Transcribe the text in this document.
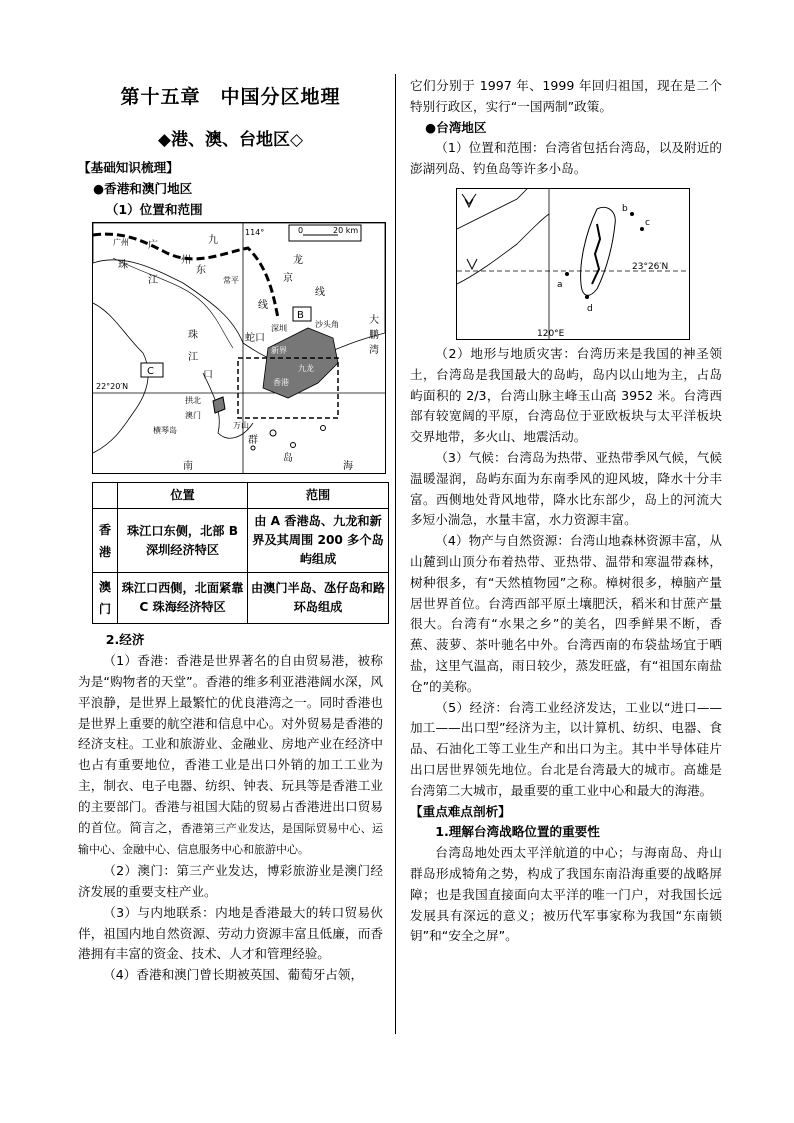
第十五章　中国分区地理
◆港、澳、台地区◇

【基础知识梳理】

●香港和澳门地区

（1）位置和范围

广
州
九
东
龙
广州
珠
江	常平	京
线
114°	0	20 km
B
蛇口
深圳	沙头角	大
鹏
湾
珠
江
口
C
22°20′N
新界
九龙
香港
拱北
澳门
横琴岛
万山
群
岛
南	海
线
	位置	范围
香港	珠江口东侧，北部 B 深圳经济特区	由 A 香港岛、九龙和新界及其周围 200 多个岛屿组成
澳门	珠江口西侧，北面紧靠 C 珠海经济特区	由澳门半岛、氹仔岛和路环岛组成

2.经济

（1）香港：香港是世界著名的自由贸易港，被称为是“购物者的天堂”。香港的维多利亚港港阔水深，风平浪静，是世界上最繁忙的优良港湾之一。同时香港也是世界上重要的航空港和信息中心。对外贸易是香港的经济支柱。工业和旅游业、金融业、房地产业在经济中也占有重要地位，香港工业是出口外销的加工工业为主，制衣、电子电器、纺织、钟表、玩具等是香港工业的主要部门。香港与祖国大陆的贸易占香港进出口贸易的首位。简言之，香港第三产业发达，是国际贸易中心、运输中心、金融中心、信息服务中心和旅游中心。

（2）澳门：第三产业发达，博彩旅游业是澳门经济发展的重要支柱产业。

（3）与内地联系：内地是香港最大的转口贸易伙伴，祖国内地自然资源、劳动力资源丰富且低廉，而香港拥有丰富的资金、技术、人才和管理经验。

（4）香港和澳门曾长期被英国、葡萄牙占领，

它们分别于 1997 年、1999 年回归祖国，现在是二个特别行政区，实行“一国两制”政策。

●台湾地区

（1）位置和范围：台湾省包括台湾岛，以及附近的澎湖列岛、钓鱼岛等许多小岛。

b
c
a
d
23°26′N
120°E

（2）地形与地质灾害：台湾历来是我国的神圣领土，台湾岛是我国最大的岛屿，岛内以山地为主，占岛屿面积的 2/3，台湾山脉主峰玉山高 3952 米。台湾西部有较宽阔的平原，台湾岛位于亚欧板块与太平洋板块交界地带，多火山、地震活动。

（3）气候：台湾岛为热带、亚热带季风气候，气候温暖湿润，岛屿东面为东南季风的迎风坡，降水十分丰富。西侧地处背风地带，降水比东部少，岛上的河流大多短小湍急，水量丰富，水力资源丰富。

（4）物产与自然资源：台湾山地森林资源丰富，从山麓到山顶分布着热带、亚热带、温带和寒温带森林，树种很多，有“天然植物园”之称。樟树很多，樟脑产量居世界首位。台湾西部平原土壤肥沃，稻米和甘蔗产量很大。台湾有“水果之乡”的美名，四季鲜果不断，香蕉、菠萝、茶叶驰名中外。台湾西南的布袋盐场宜于晒盐，这里气温高，雨日较少，蒸发旺盛，有“祖国东南盐仓”的美称。

（5）经济：台湾工业经济发达，工业以“进口——加工——出口型”经济为主，以计算机、纺织、电器、食品、石油化工等工业生产和出口为主。其中半导体硅片出口居世界领先地位。台北是台湾最大的城市。高雄是台湾第二大城市，最重要的重工业中心和最大的海港。

【重点难点剖析】

1.理解台湾战略位置的重要性

台湾岛地处西太平洋航道的中心；与海南岛、舟山群岛形成犄角之势，构成了我国东南沿海重要的战略屏障；也是我国直接面向太平洋的唯一门户，对我国长远发展具有深远的意义；被历代军事家称为我国“东南锁钥”和“安全之屏”。
